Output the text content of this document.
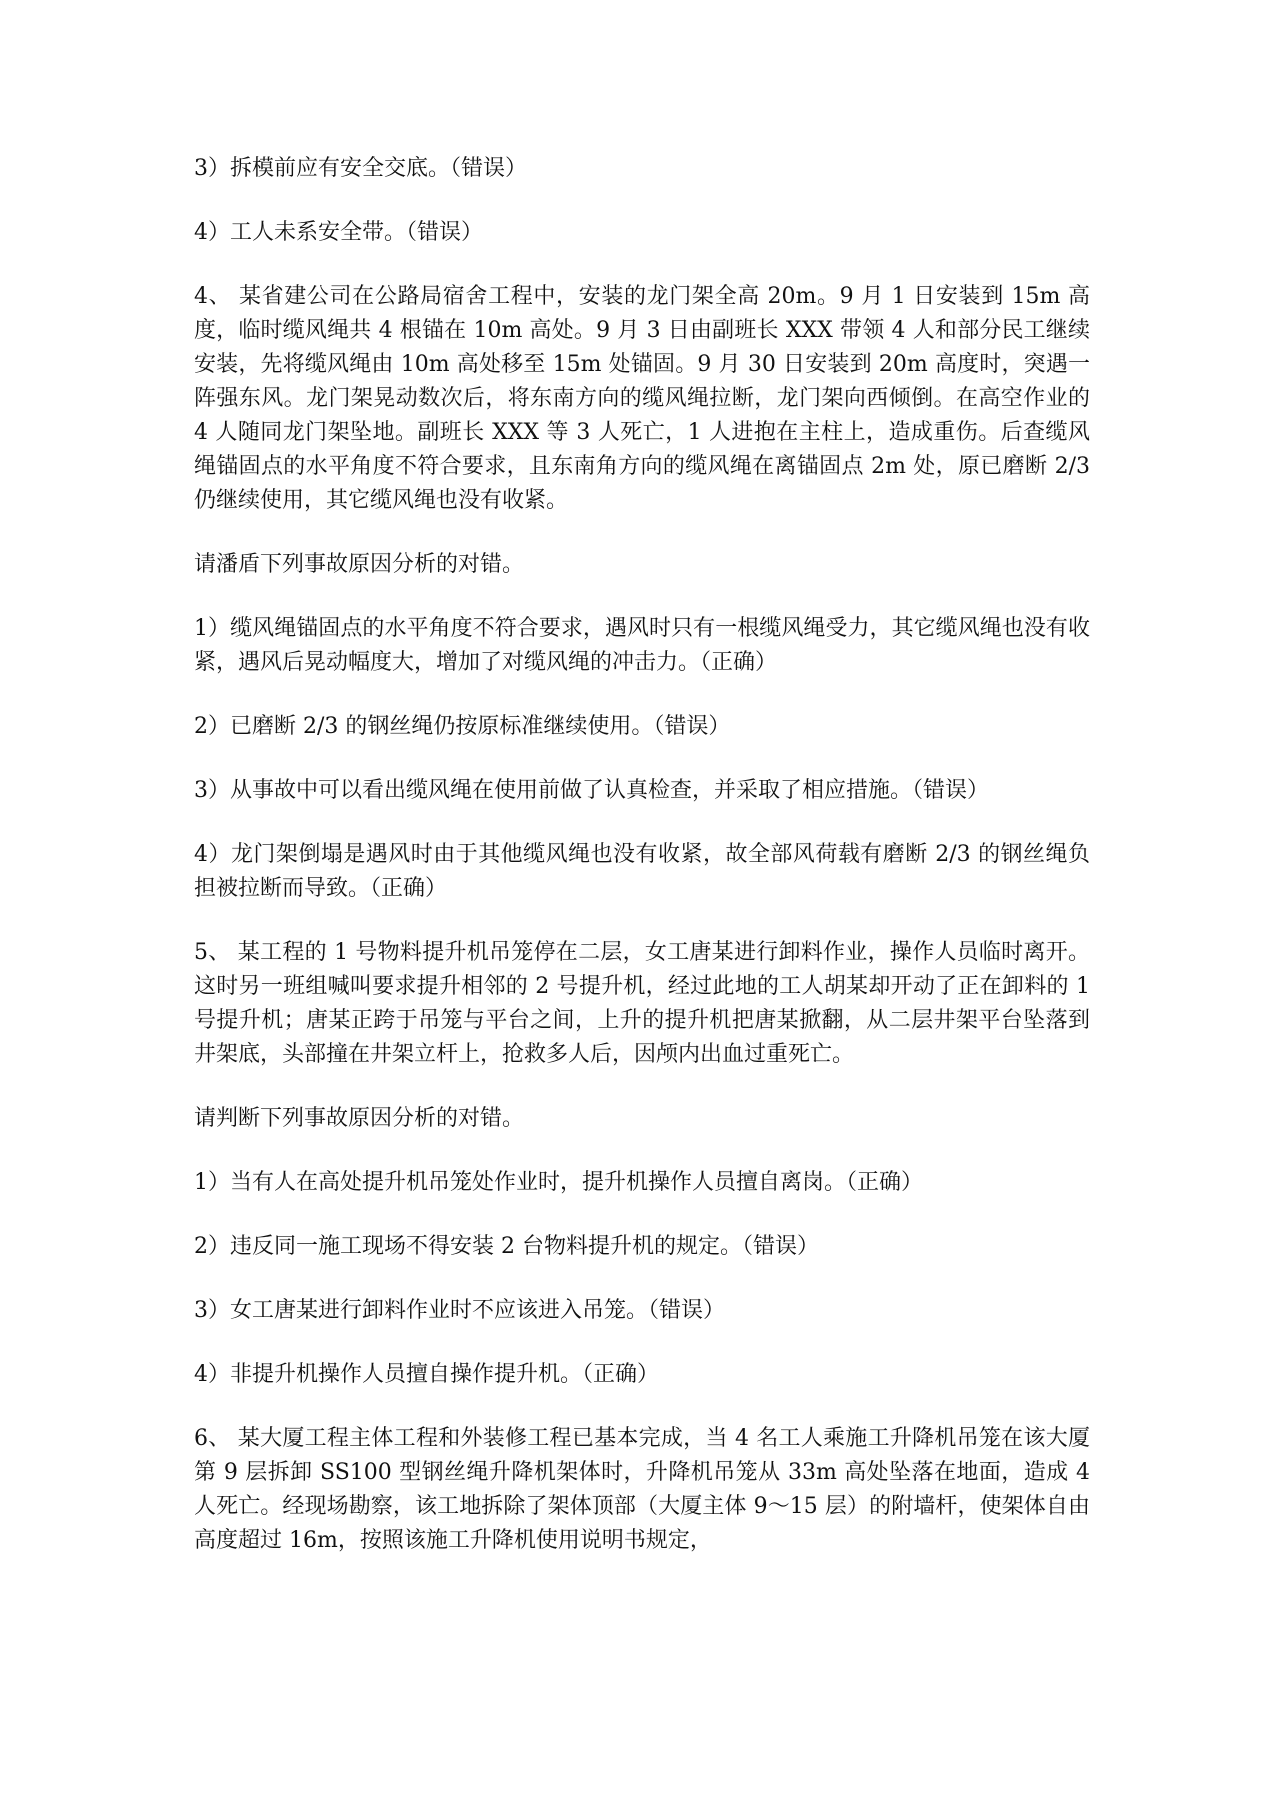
3）拆模前应有安全交底。（错误）

4）工人未系安全带。（错误）

4、 某省建公司在公路局宿舍工程中，安装的龙门架全高 20m。9 月 1 日安装到 15m 高度，临时缆风绳共 4 根锚在 10m 高处。9 月 3 日由副班长 XXX 带领 4 人和部分民工继续安装，先将缆风绳由 10m 高处移至 15m 处锚固。9 月 30 日安装到 20m 高度时，突遇一阵强东风。龙门架晃动数次后，将东南方向的缆风绳拉断，龙门架向西倾倒。在高空作业的 4 人随同龙门架坠地。副班长 XXX 等 3 人死亡，1 人进抱在主柱上，造成重伤。后查缆风绳锚固点的水平角度不符合要求，且东南角方向的缆风绳在离锚固点 2m 处，原已磨断 2/3 仍继续使用，其它缆风绳也没有收紧。

请潘盾下列事故原因分析的对错。

1）缆风绳锚固点的水平角度不符合要求，遇风时只有一根缆风绳受力，其它缆风绳也没有收紧，遇风后晃动幅度大，增加了对缆风绳的冲击力。（正确）

2）已磨断 2/3 的钢丝绳仍按原标准继续使用。（错误）

3）从事故中可以看出缆风绳在使用前做了认真检查，并采取了相应措施。（错误）

4）龙门架倒塌是遇风时由于其他缆风绳也没有收紧，故全部风荷载有磨断 2/3 的钢丝绳负担被拉断而导致。（正确）

5、 某工程的 1 号物料提升机吊笼停在二层，女工唐某进行卸料作业，操作人员临时离开。这时另一班组喊叫要求提升相邻的 2 号提升机，经过此地的工人胡某却开动了正在卸料的 1 号提升机；唐某正跨于吊笼与平台之间，上升的提升机把唐某掀翻，从二层井架平台坠落到井架底，头部撞在井架立杆上，抢救多人后，因颅内出血过重死亡。

请判断下列事故原因分析的对错。

1）当有人在高处提升机吊笼处作业时，提升机操作人员擅自离岗。（正确）

2）违反同一施工现场不得安装 2 台物料提升机的规定。（错误）

3）女工唐某进行卸料作业时不应该进入吊笼。（错误）

4）非提升机操作人员擅自操作提升机。（正确）

6、 某大厦工程主体工程和外装修工程已基本完成，当 4 名工人乘施工升降机吊笼在该大厦第 9 层拆卸 SS100 型钢丝绳升降机架体时，升降机吊笼从 33m 高处坠落在地面，造成 4 人死亡。经现场勘察，该工地拆除了架体顶部（大厦主体 9～15 层）的附墙杆，使架体自由高度超过 16m，按照该施工升降机使用说明书规定，
